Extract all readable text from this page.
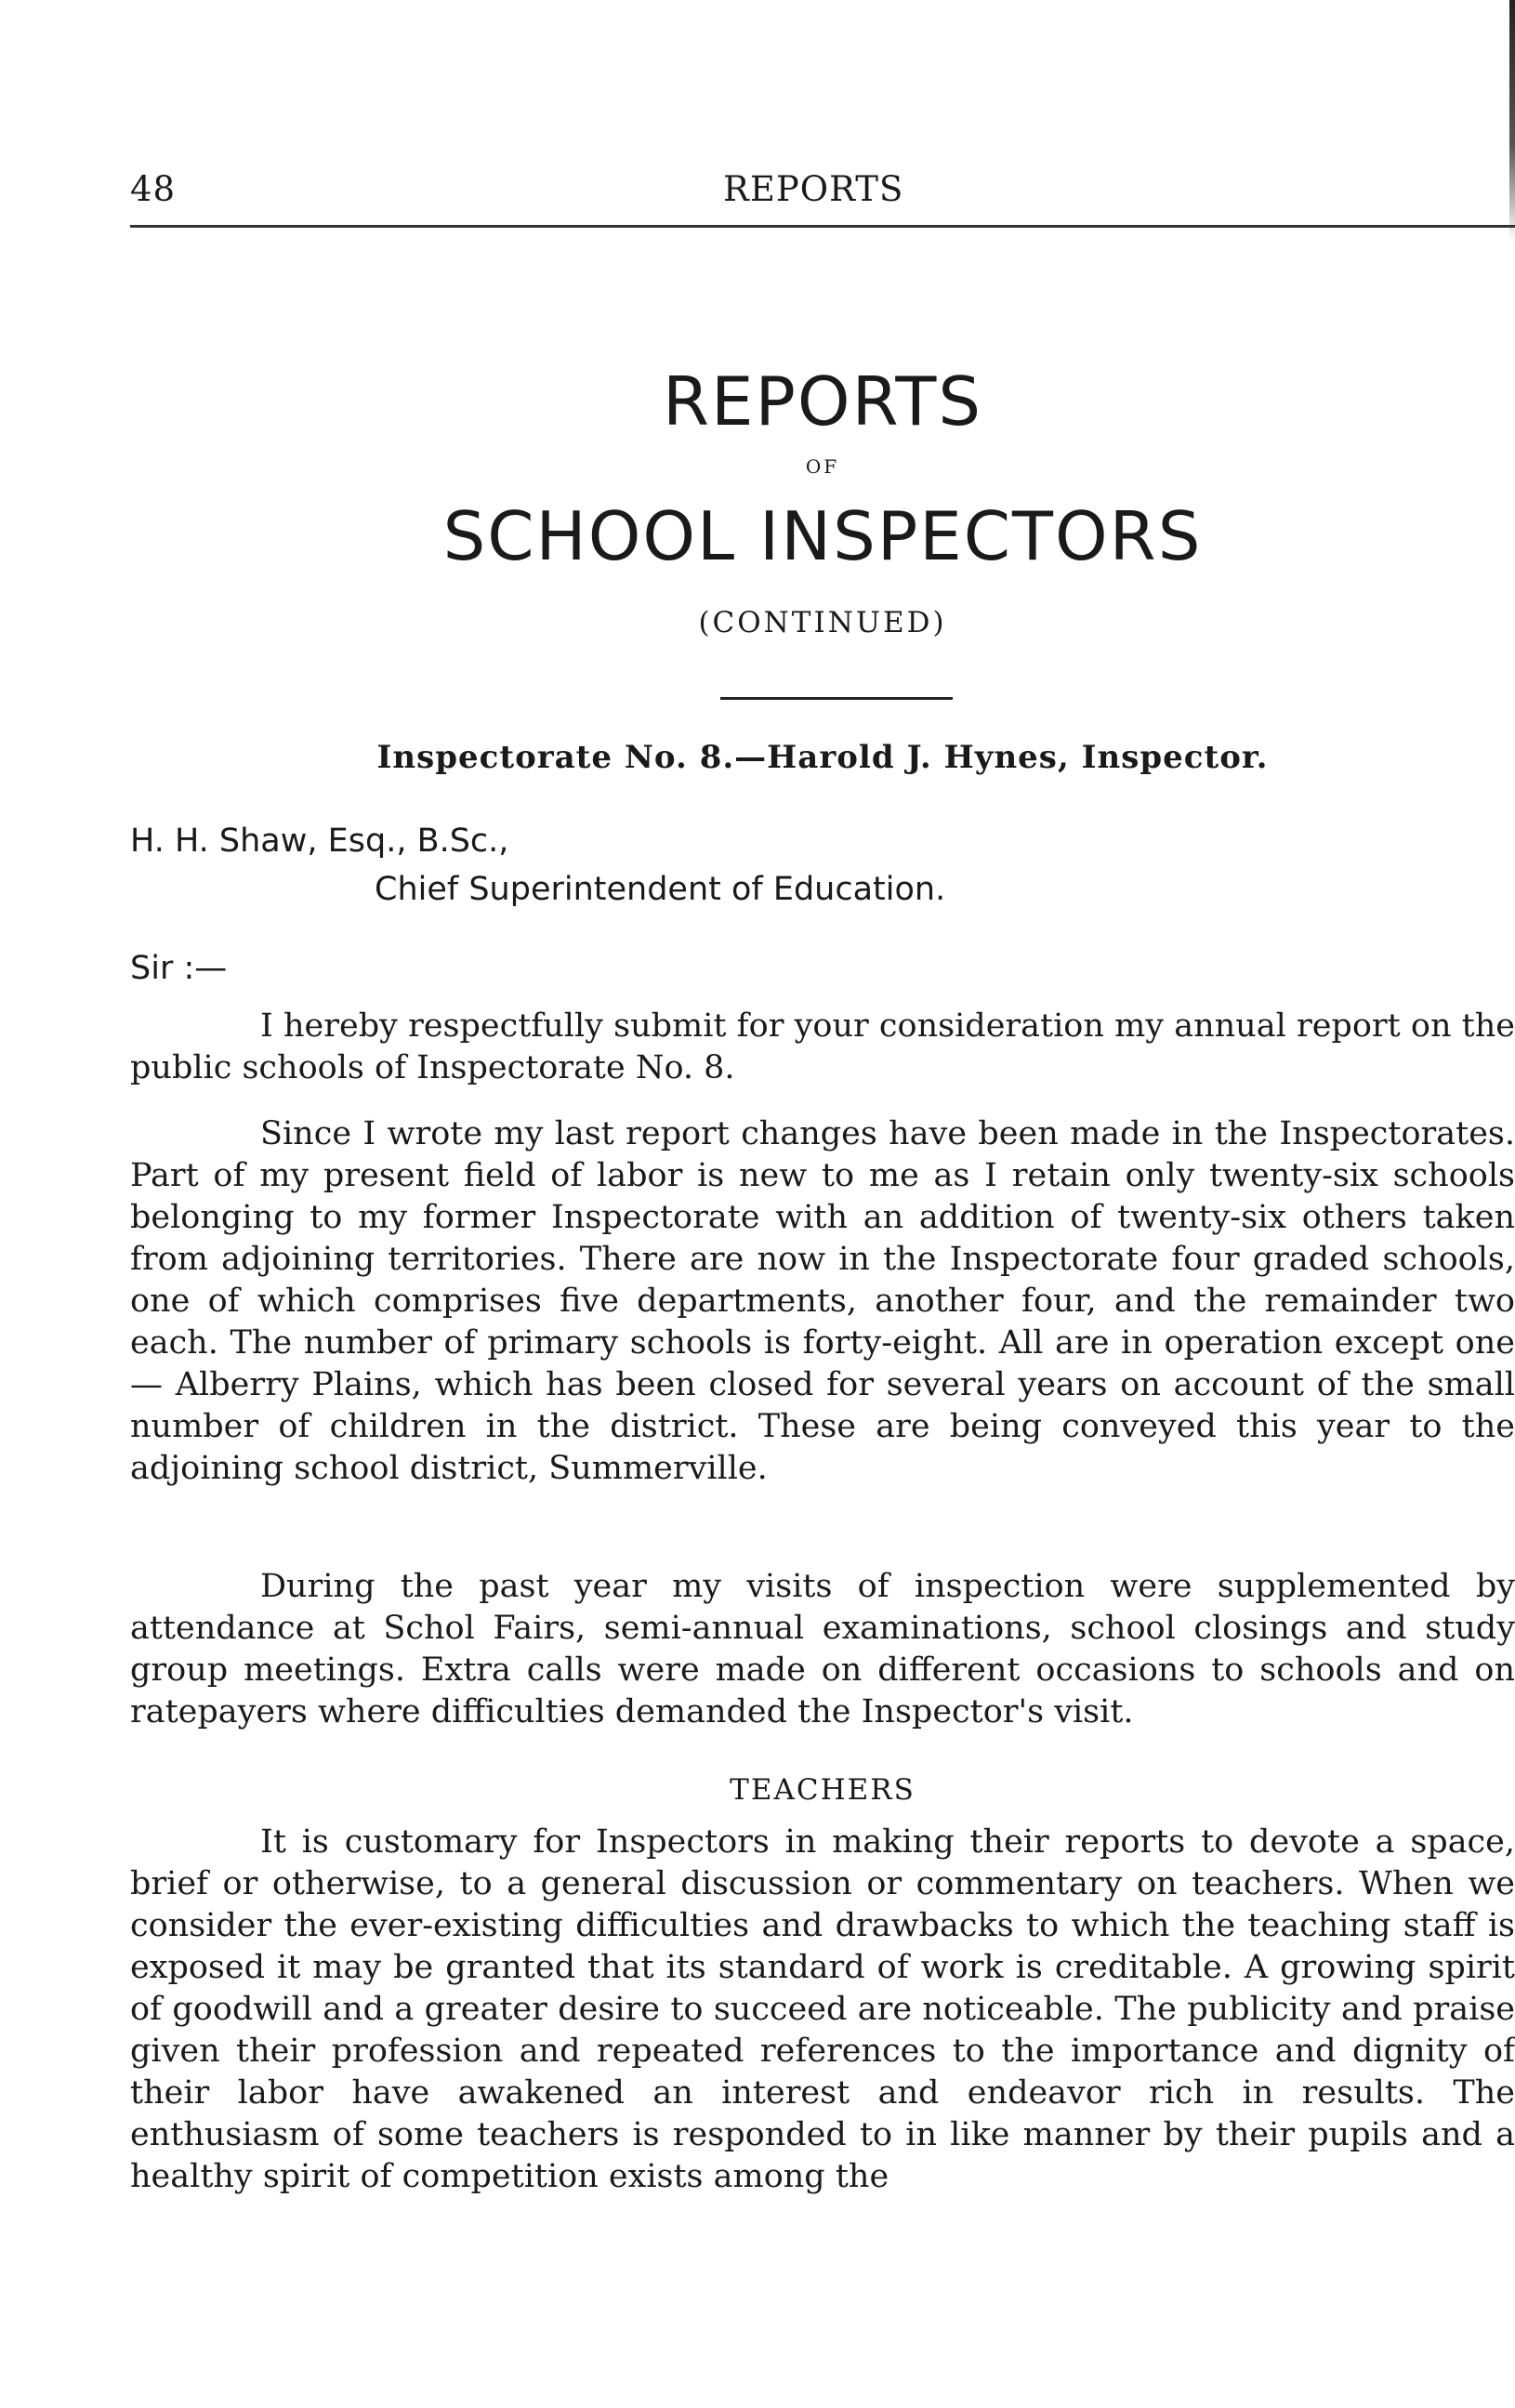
48	REPORTS
REPORTS
OF
SCHOOL INSPECTORS
(CONTINUED)
Inspectorate No. 8.—Harold J. Hynes, Inspector.
H. H. Shaw, Esq., B.Sc.,
Chief Superintendent of Education.
Sir :—

I hereby respectfully submit for your consideration my annual report on the public schools of Inspectorate No. 8.

Since I wrote my last report changes have been made in the Inspectorates. Part of my present field of labor is new to me as I retain only twenty-six schools belonging to my former Inspectorate with an addition of twenty-six others taken from adjoining territories. There are now in the Inspectorate four graded schools, one of which comprises five departments, another four, and the remainder two each. The number of primary schools is forty-eight. All are in operation except one — Alberry Plains, which has been closed for several years on account of the small number of children in the district. These are being conveyed this year to the adjoining school district, Summerville.

During the past year my visits of inspection were supplemented by attendance at Schol Fairs, semi-annual examinations, school closings and study group meetings. Extra calls were made on different occasions to schools and on ratepayers where difficulties demanded the Inspector's visit.

TEACHERS

It is customary for Inspectors in making their reports to devote a space, brief or otherwise, to a general discussion or commentary on teachers. When we consider the ever-existing difficulties and drawbacks to which the teaching staff is exposed it may be granted that its standard of work is creditable. A growing spirit of goodwill and a greater desire to succeed are noticeable. The publicity and praise given their profession and repeated references to the importance and dignity of their labor have awakened an interest and endeavor rich in results. The enthusiasm of some teachers is responded to in like manner by their pupils and a healthy spirit of competition exists among the
